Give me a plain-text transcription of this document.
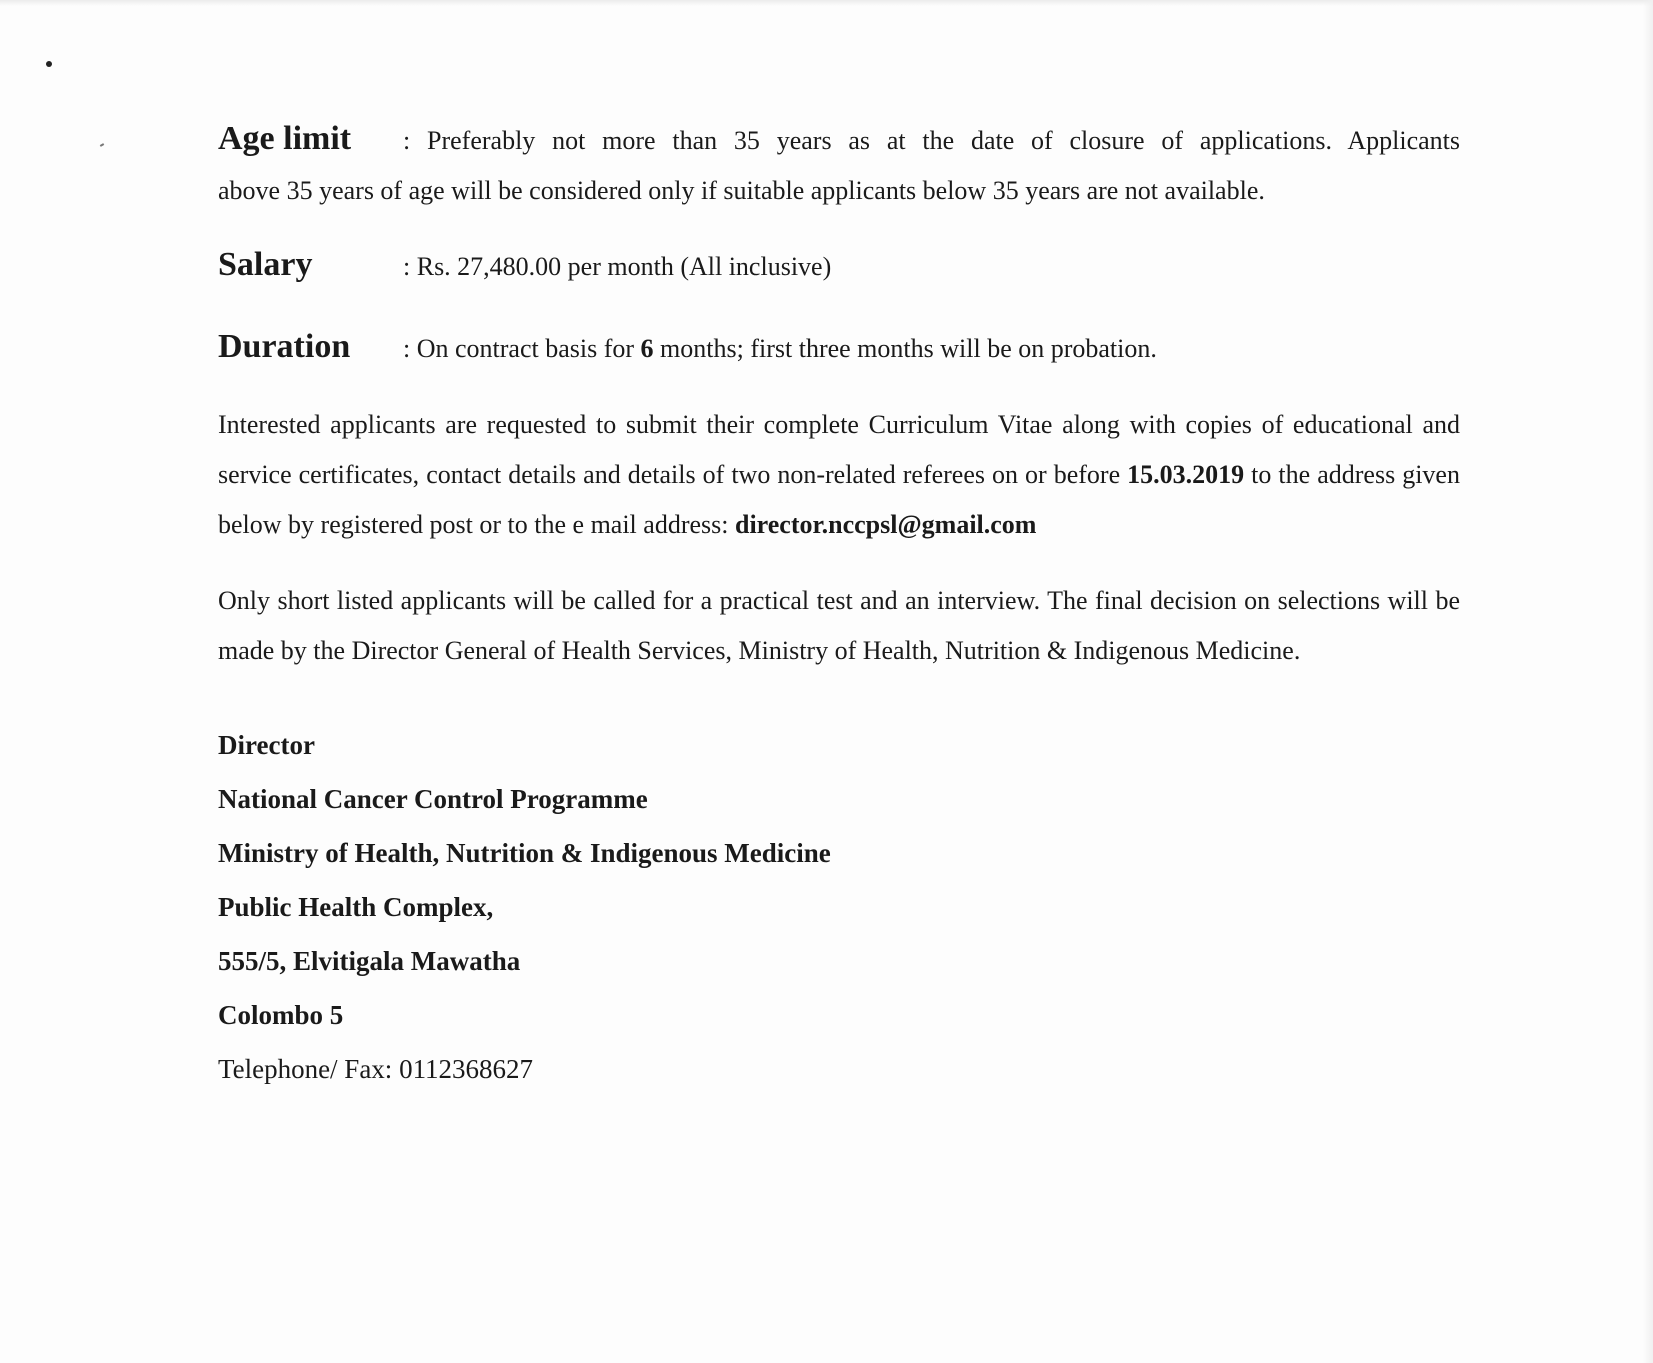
Age limit	: Preferably not more than 35 years as at the date of closure of applications. Applicants
above 35 years of age will be considered only if suitable applicants below 35 years are not available.
Salary	: Rs. 27,480.00 per month (All inclusive)
Duration	: On contract basis for 6 months; first three months will be on probation.

Interested applicants are requested to submit their complete Curriculum Vitae along with copies of educational and service certificates, contact details and details of two non-related referees on or before 15.03.2019 to the address given below by registered post or to the e mail address: director.nccpsl@gmail.com

Only short listed applicants will be called for a practical test and an interview. The final decision on selections will be made by the Director General of Health Services, Ministry of Health, Nutrition & Indigenous Medicine.

Director
National Cancer Control Programme
Ministry of Health, Nutrition & Indigenous Medicine
Public Health Complex,
555/5, Elvitigala Mawatha
Colombo 5
Telephone/ Fax: 0112368627
